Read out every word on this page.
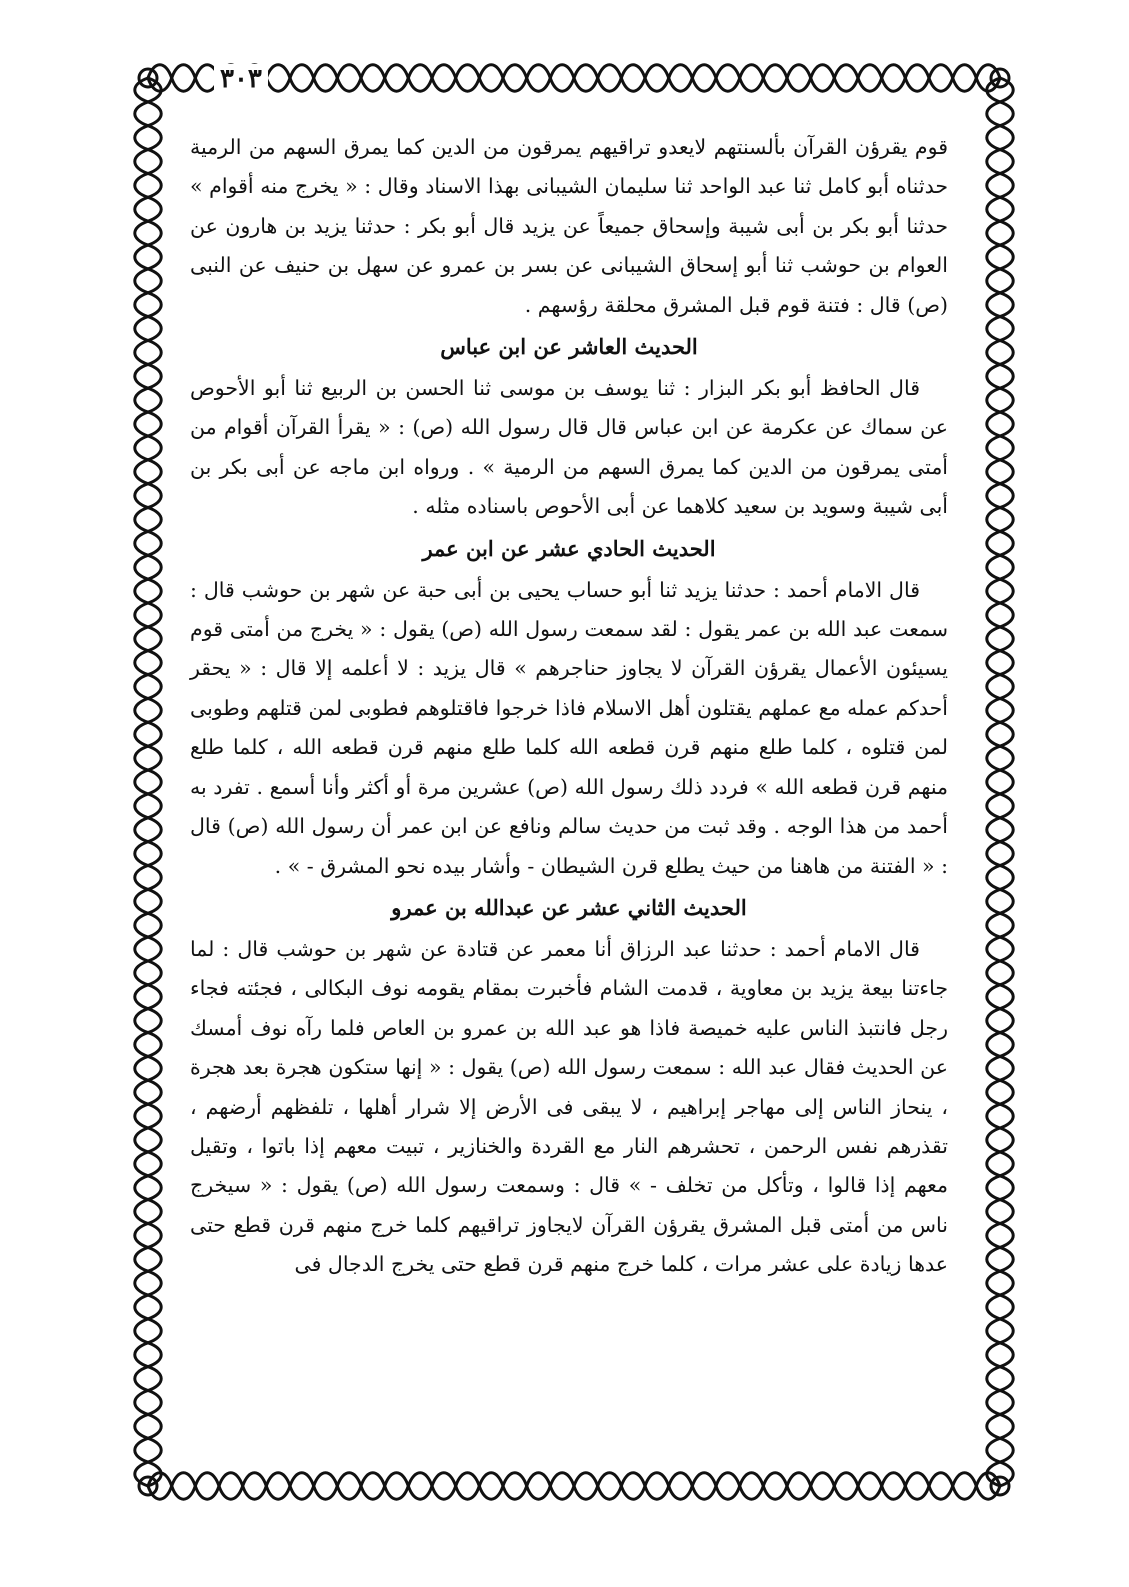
٣٠٣

قوم يقرؤن القرآن بألسنتهم لايعدو تراقيهم يمرقون من الدين كما يمرق السهم من الرمية حدثناه أبو كامل ثنا عبد الواحد ثنا سليمان الشيبانى بهذا الاسناد وقال : « يخرج منه أقوام » حدثنا أبو بكر بن أبى شيبة وإسحاق جميعاً عن يزيد قال أبو بكر : حدثنا يزيد بن هارون عن العوام بن حوشب ثنا أبو إسحاق الشيبانى عن بسر بن عمرو عن سهل بن حنيف عن النبى (ص) قال : فتنة قوم قبل المشرق محلقة رؤسهم .

الحديث العاشر عن ابن عباس

قال الحافظ أبو بكر البزار : ثنا يوسف بن موسى ثنا الحسن بن الربيع ثنا أبو الأحوص عن سماك عن عكرمة عن ابن عباس قال قال رسول الله (ص) : « يقرأ القرآن أقوام من أمتى يمرقون من الدين كما يمرق السهم من الرمية » . ورواه ابن ماجه عن أبى بكر بن أبى شيبة وسويد بن سعيد كلاهما عن أبى الأحوص باسناده مثله .

الحديث الحادي عشر عن ابن عمر

قال الامام أحمد : حدثنا يزيد ثنا أبو حساب يحيى بن أبى حبة عن شهر بن حوشب قال : سمعت عبد الله بن عمر يقول : لقد سمعت رسول الله (ص) يقول : « يخرج من أمتى قوم يسيئون الأعمال يقرؤن القرآن لا يجاوز حناجرهم » قال يزيد : لا أعلمه إلا قال : « يحقر أحدكم عمله مع عملهم يقتلون أهل الاسلام فاذا خرجوا فاقتلوهم فطوبى لمن قتلهم وطوبى لمن قتلوه ، كلما طلع منهم قرن قطعه الله كلما طلع منهم قرن قطعه الله ، كلما طلع منهم قرن قطعه الله » فردد ذلك رسول الله (ص) عشرين مرة أو أكثر وأنا أسمع . تفرد به أحمد من هذا الوجه . وقد ثبت من حديث سالم ونافع عن ابن عمر أن رسول الله (ص) قال : « الفتنة من هاهنا من حيث يطلع قرن الشيطان - وأشار بيده نحو المشرق - » .

الحديث الثاني عشر عن عبدالله بن عمرو

قال الامام أحمد : حدثنا عبد الرزاق أنا معمر عن قتادة عن شهر بن حوشب قال : لما جاءتنا بيعة يزيد بن معاوية ، قدمت الشام فأخبرت بمقام يقومه نوف البكالى ، فجئته فجاء رجل فانتبذ الناس عليه خميصة فاذا هو عبد الله بن عمرو بن العاص فلما رآه نوف أمسك عن الحديث فقال عبد الله : سمعت رسول الله (ص) يقول : « إنها ستكون هجرة بعد هجرة ، ينحاز الناس إلى مهاجر إبراهيم ، لا يبقى فى الأرض إلا شرار أهلها ، تلفظهم أرضهم ، تقذرهم نفس الرحمن ، تحشرهم النار مع القردة والخنازير ، تبيت معهم إذا باتوا ، وتقيل معهم إذا قالوا ، وتأكل من تخلف - » قال : وسمعت رسول الله (ص) يقول : « سيخرج ناس من أمتى قبل المشرق يقرؤن القرآن لايجاوز تراقيهم كلما خرج منهم قرن قطع حتى عدها زيادة على عشر مرات ، كلما خرج منهم قرن قطع حتى يخرج الدجال فى
